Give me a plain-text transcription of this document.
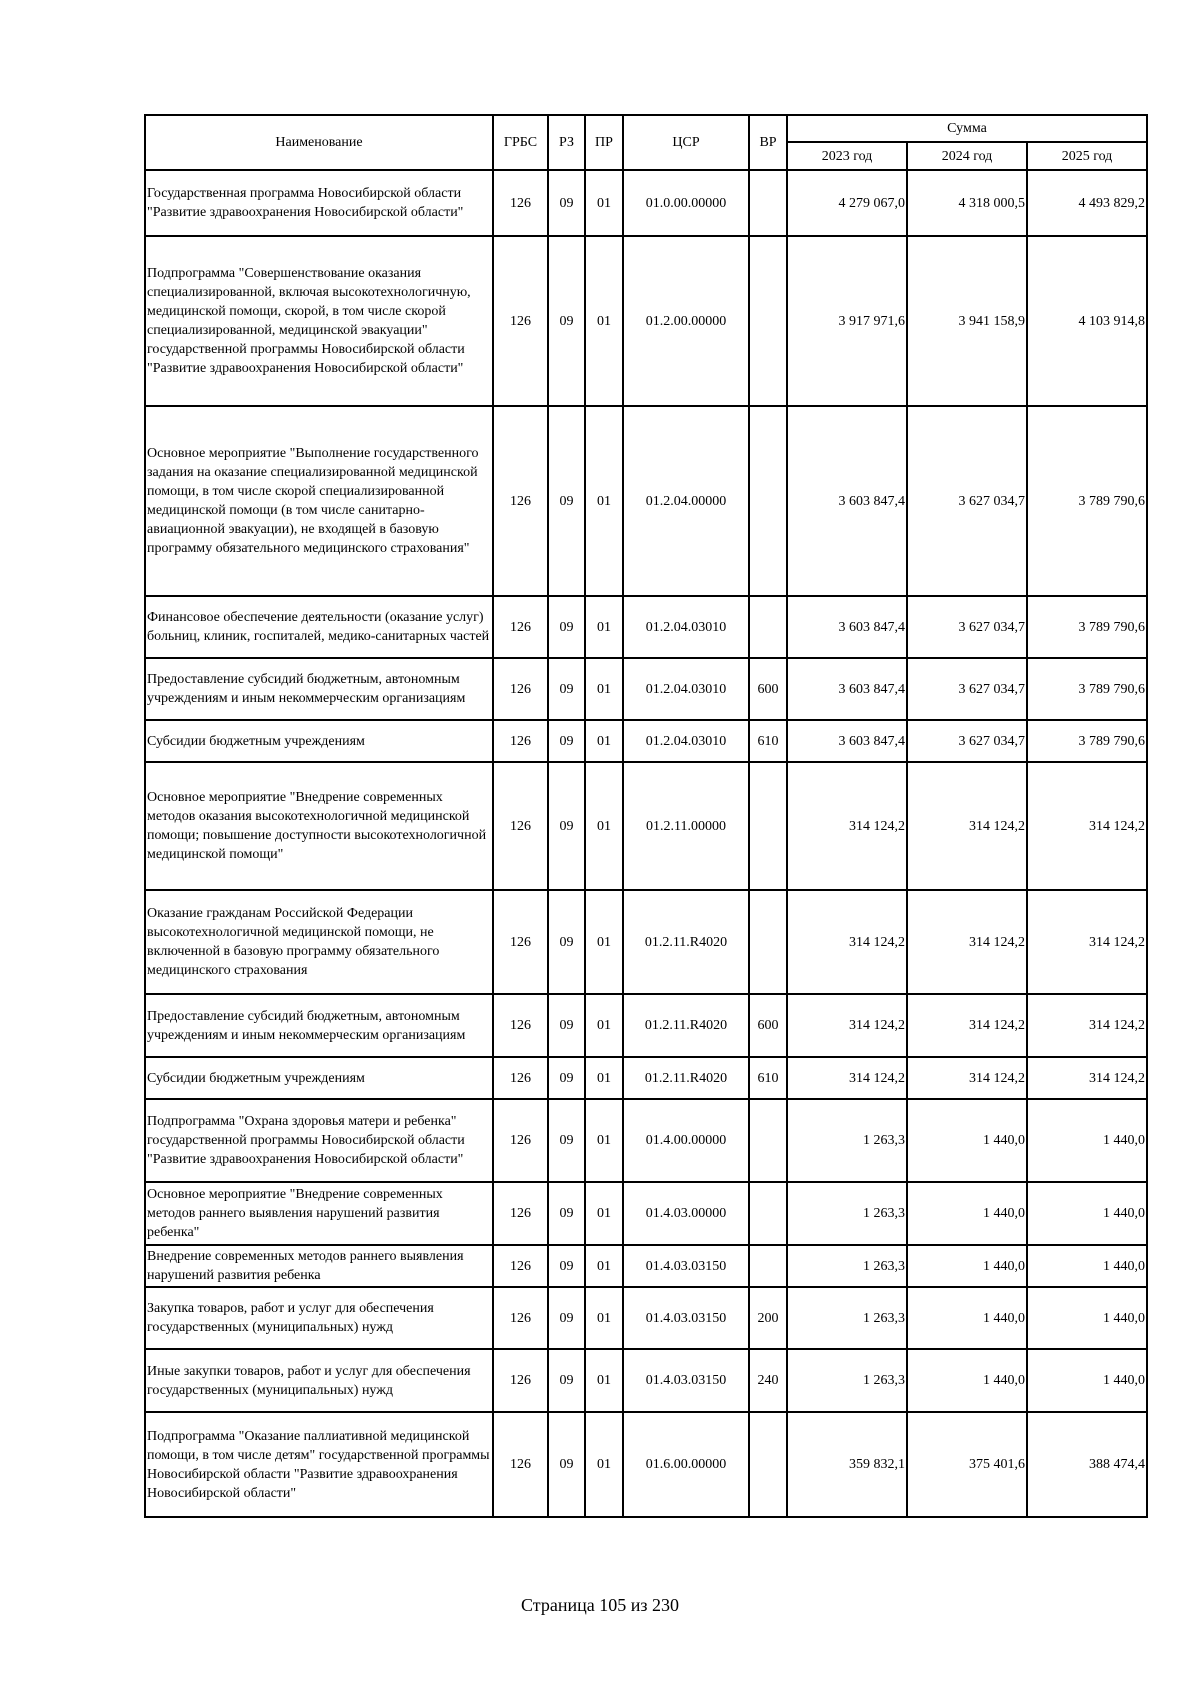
Наименование	ГРБС	РЗ	ПР	ЦСР	ВР	Сумма		
						2023 год	2024 год	2025 год
Государственная программа Новосибирской области "Развитие здравоохранения Новосибирской области"	126	09	01	01.0.00.00000		4 279 067,0	4 318 000,5	4 493 829,2
Подпрограмма "Совершенствование оказания специализированной, включая высокотехнологичную, медицинской помощи, скорой, в том числе скорой специализированной, медицинской эвакуации" государственной программы Новосибирской области "Развитие здравоохранения Новосибирской области"	126	09	01	01.2.00.00000		3 917 971,6	3 941 158,9	4 103 914,8
Основное мероприятие "Выполнение государственного задания на оказание специализированной медицинской помощи, в том числе скорой специализированной медицинской помощи (в том числе санитарно-авиационной эвакуации), не входящей в базовую программу обязательного медицинского страхования"	126	09	01	01.2.04.00000		3 603 847,4	3 627 034,7	3 789 790,6
Финансовое обеспечение деятельности (оказание услуг) больниц, клиник, госпиталей, медико-санитарных частей	126	09	01	01.2.04.03010		3 603 847,4	3 627 034,7	3 789 790,6
Предоставление субсидий бюджетным, автономным учреждениям и иным некоммерческим организациям	126	09	01	01.2.04.03010	600	3 603 847,4	3 627 034,7	3 789 790,6
Субсидии бюджетным учреждениям	126	09	01	01.2.04.03010	610	3 603 847,4	3 627 034,7	3 789 790,6
Основное мероприятие "Внедрение современных методов оказания высокотехнологичной медицинской помощи; повышение доступности высокотехнологичной медицинской помощи"	126	09	01	01.2.11.00000		314 124,2	314 124,2	314 124,2
Оказание гражданам Российской Федерации высокотехнологичной медицинской помощи, не включенной в базовую программу обязательного медицинского страхования	126	09	01	01.2.11.R4020		314 124,2	314 124,2	314 124,2
Предоставление субсидий бюджетным, автономным учреждениям и иным некоммерческим организациям	126	09	01	01.2.11.R4020	600	314 124,2	314 124,2	314 124,2
Субсидии бюджетным учреждениям	126	09	01	01.2.11.R4020	610	314 124,2	314 124,2	314 124,2
Подпрограмма "Охрана здоровья матери и ребенка" государственной программы Новосибирской области "Развитие здравоохранения Новосибирской области"	126	09	01	01.4.00.00000		1 263,3	1 440,0	1 440,0
Основное мероприятие "Внедрение современных методов раннего выявления нарушений развития ребенка"	126	09	01	01.4.03.00000		1 263,3	1 440,0	1 440,0
Внедрение современных методов раннего выявления нарушений развития ребенка	126	09	01	01.4.03.03150		1 263,3	1 440,0	1 440,0
Закупка товаров, работ и услуг для обеспечения государственных (муниципальных) нужд	126	09	01	01.4.03.03150	200	1 263,3	1 440,0	1 440,0
Иные закупки товаров, работ и услуг для обеспечения государственных (муниципальных) нужд	126	09	01	01.4.03.03150	240	1 263,3	1 440,0	1 440,0
Подпрограмма "Оказание паллиативной медицинской помощи, в том числе детям" государственной программы Новосибирской области "Развитие здравоохранения Новосибирской области"	126	09	01	01.6.00.00000		359 832,1	375 401,6	388 474,4
Страница 105 из 230
